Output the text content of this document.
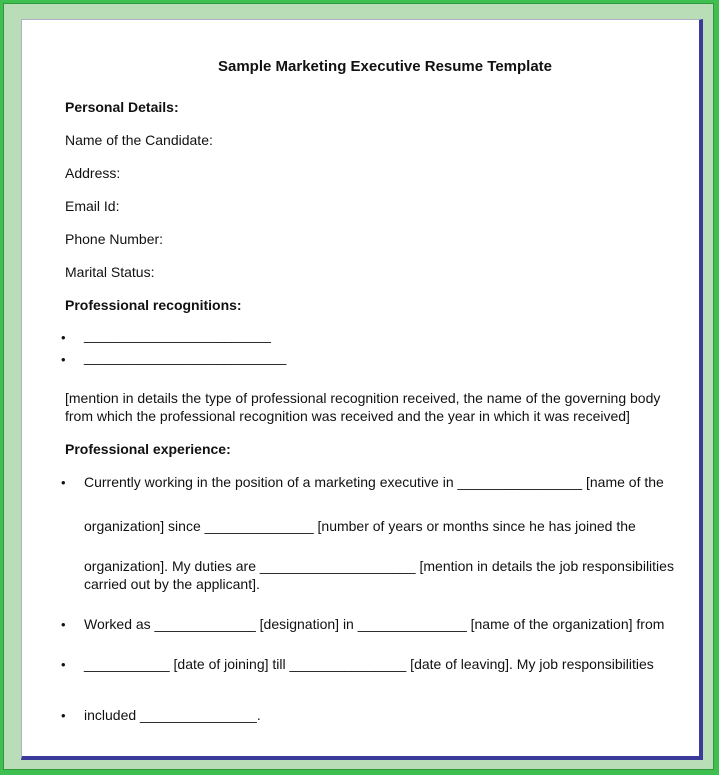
Sample Marketing Executive Resume Template
Personal Details:
Name of the Candidate:
Address:
Email Id:
Phone Number:
Marital Status:
Professional recognitions:
• ________________________
• __________________________
[mention in details the type of professional recognition received, the name of the governing body
from which the professional recognition was received and the year in which it was received]
Professional experience:
• Currently working in the position of a marketing executive in ________________ [name of the
organization] since ______________ [number of years or months since he has joined the
organization]. My duties are ____________________ [mention in details the job responsibilities
carried out by the applicant].
• Worked as _____________ [designation] in ______________ [name of the organization] from
• ___________ [date of joining] till _______________ [date of leaving]. My job responsibilities
• included _______________.
